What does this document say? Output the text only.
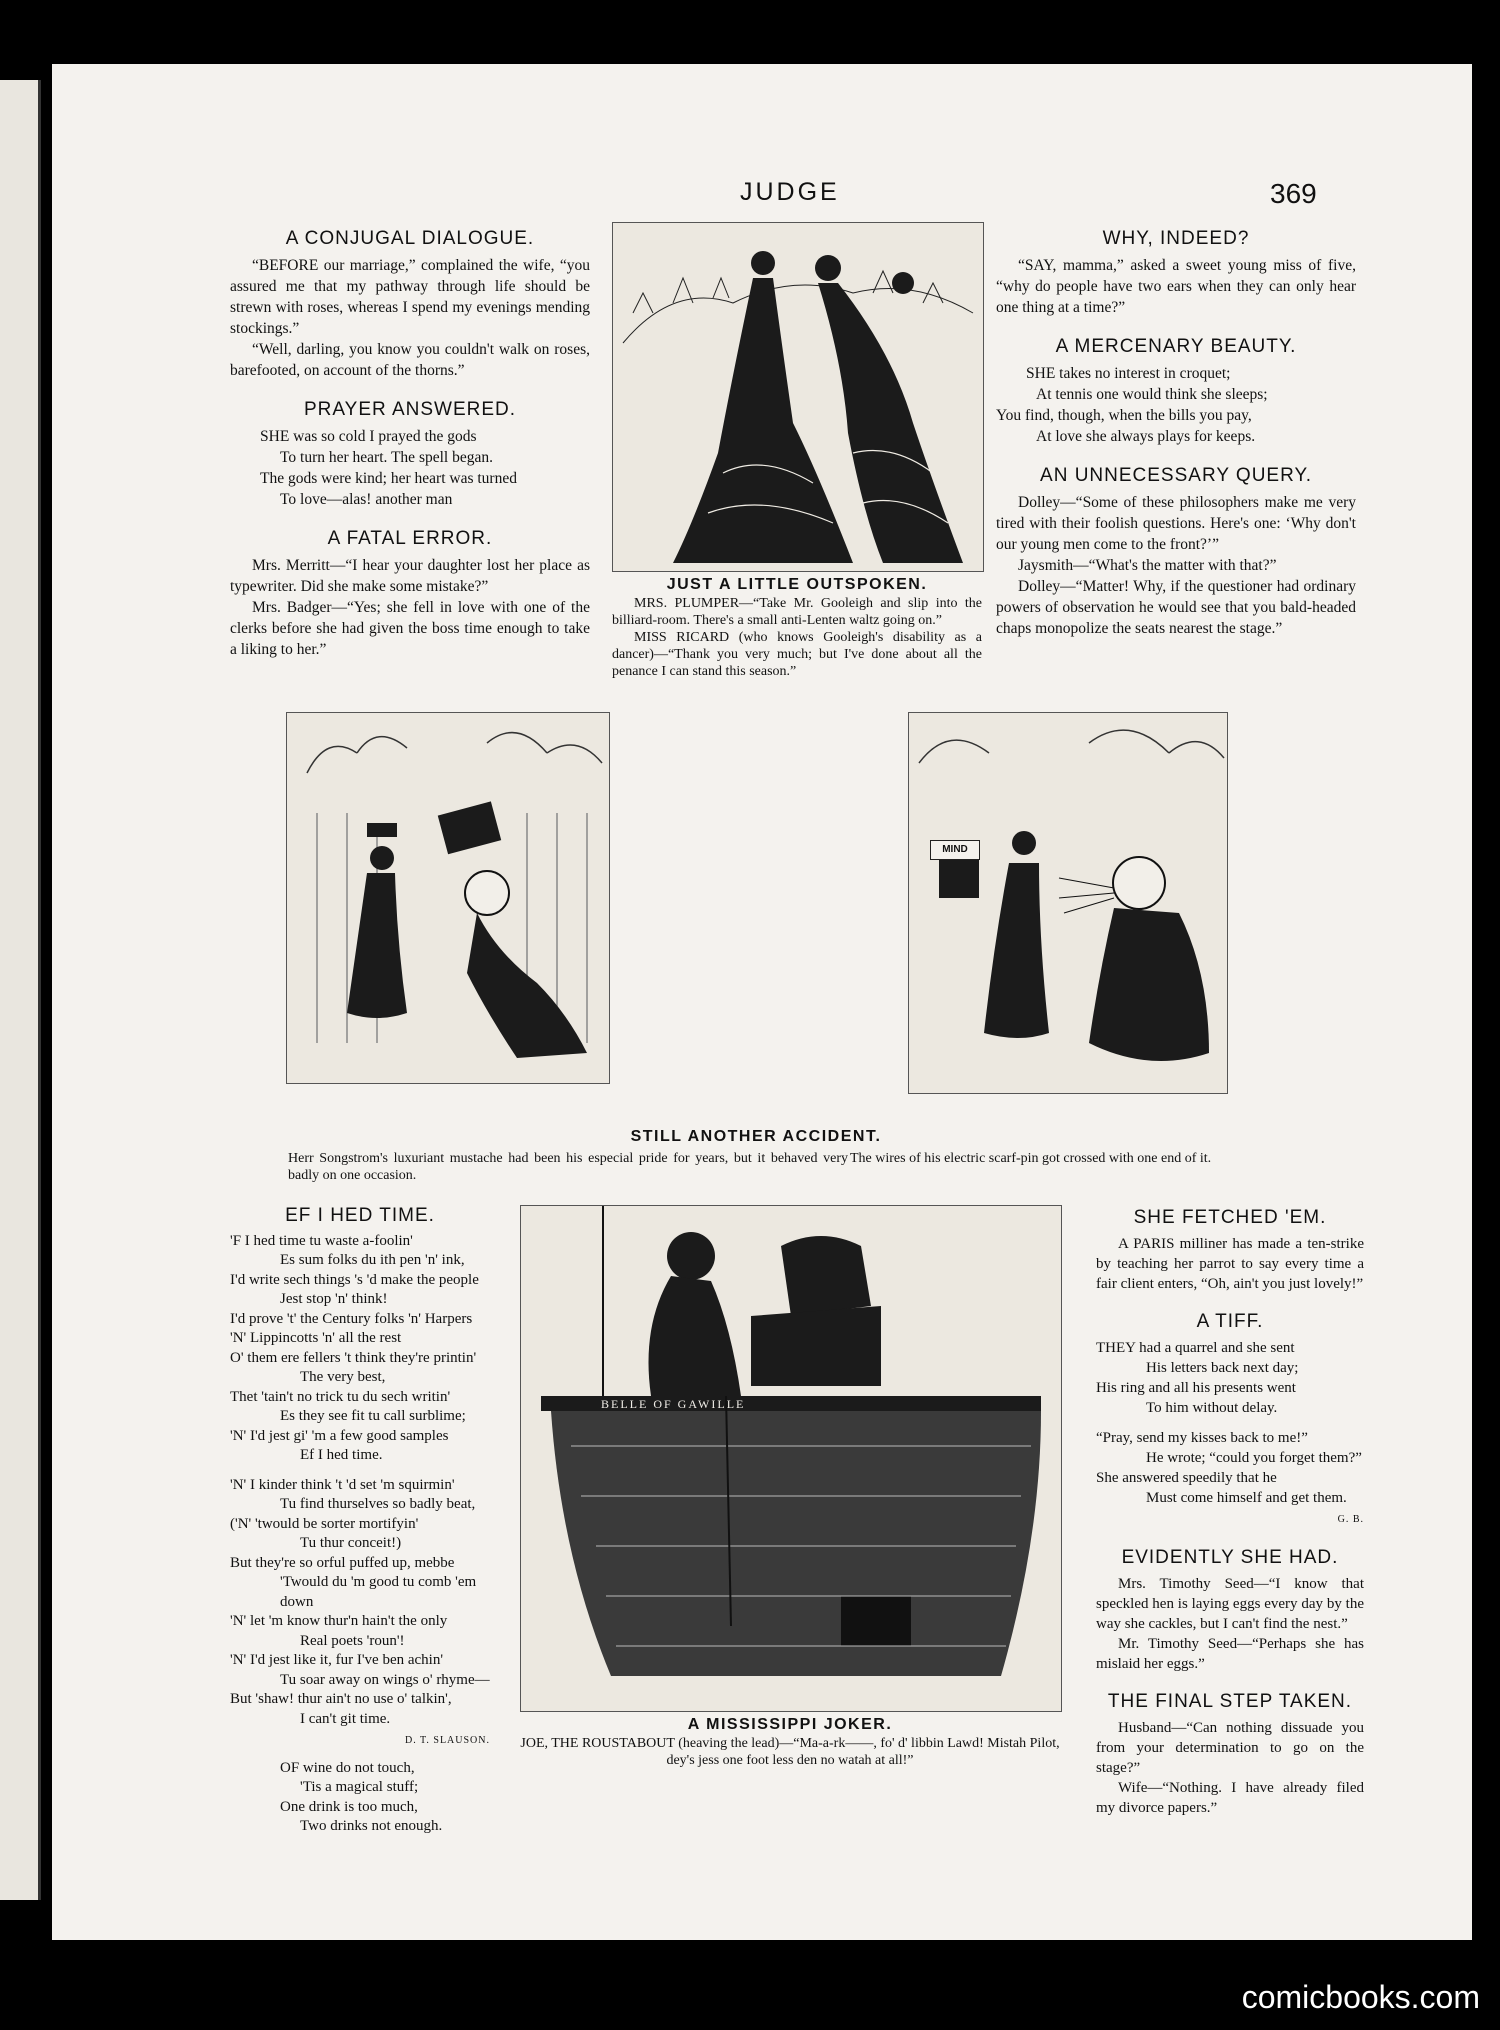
JUDGE	369
A CONJUGAL DIALOGUE.

“BEFORE our marriage,” complained the wife, “you assured me that my pathway through life should be strewn with roses, whereas I spend my evenings mending stockings.”

“Well, darling, you know you couldn't walk on roses, barefooted, on account of the thorns.”

PRAYER ANSWERED.

SHE was so cold I prayed the gods

To turn her heart. The spell began.

The gods were kind; her heart was turned

To love—alas! another man

A FATAL ERROR.

Mrs. Merritt—“I hear your daughter lost her place as typewriter. Did she make some mistake?”

Mrs. Badger—“Yes; she fell in love with one of the clerks before she had given the boss time enough to take a liking to her.”

JUST A LITTLE OUTSPOKEN.

MRS. PLUMPER—“Take Mr. Gooleigh and slip into the billiard-room. There's a small anti-Lenten waltz going on.”

MISS RICARD (who knows Gooleigh's disability as a dancer)—“Thank you very much; but I've done about all the penance I can stand this season.”

WHY, INDEED?

“SAY, mamma,” asked a sweet young miss of five, “why do people have two ears when they can only hear one thing at a time?”

A MERCENARY BEAUTY.

SHE takes no interest in croquet;

At tennis one would think she sleeps;

You find, though, when the bills you pay,

At love she always plays for keeps.

AN UNNECESSARY QUERY.

Dolley—“Some of these philosophers make me very tired with their foolish questions. Here's one: ‘Why don't our young men come to the front?’”

Jaysmith—“What's the matter with that?”

Dolley—“Matter! Why, if the questioner had ordinary powers of observation he would see that you bald-headed chaps monopolize the seats nearest the stage.”

MIND
STILL ANOTHER ACCIDENT.

Herr Songstrom's luxuriant mustache had been his especial pride for years, but it behaved very badly on one occasion.

The wires of his electric scarf-pin got crossed with one end of it.

EF I HED TIME.

'F I hed time tu waste a-foolin'

Es sum folks du ith pen 'n' ink,

I'd write sech things 's 'd make the people

Jest stop 'n' think!

I'd prove 't' the Century folks 'n' Harpers

'N' Lippincotts 'n' all the rest

O' them ere fellers 't think they're printin'

The very best,

Thet 'tain't no trick tu du sech writin'

Es they see fit tu call surblime;

'N' I'd jest gi' 'm a few good samples

Ef I hed time.

'N' I kinder think 't 'd set 'm squirmin'

Tu find thurselves so badly beat,

('N' 'twould be sorter mortifyin'

Tu thur conceit!)

But they're so orful puffed up, mebbe

'Twould du 'm good tu comb 'em down

'N' let 'm know thur'n hain't the only

Real poets 'roun'!

'N' I'd jest like it, fur I've ben achin'

Tu soar away on wings o' rhyme—

But 'shaw! thur ain't no use o' talkin',

I can't git time.

D. T. SLAUSON.

OF wine do not touch,

'Tis a magical stuff;

One drink is too much,

Two drinks not enough.

BELLE OF GAWILLE
A MISSISSIPPI JOKER.

JOE, THE ROUSTABOUT (heaving the lead)—“Ma-a-rk——, fo' d' libbin Lawd! Mistah Pilot, dey's jess one foot less den no watah at all!”

SHE FETCHED 'EM.

A PARIS milliner has made a ten-strike by teaching her parrot to say every time a fair client enters, “Oh, ain't you just lovely!”

A TIFF.

THEY had a quarrel and she sent

His letters back next day;

His ring and all his presents went

To him without delay.

“Pray, send my kisses back to me!”

He wrote; “could you forget them?”

She answered speedily that he

Must come himself and get them.

G. B.
EVIDENTLY SHE HAD.

Mrs. Timothy Seed—“I know that speckled hen is laying eggs every day by the way she cackles, but I can't find the nest.”

Mr. Timothy Seed—“Perhaps she has mislaid her eggs.”

THE FINAL STEP TAKEN.

Husband—“Can nothing dissuade you from your determination to go on the stage?”

Wife—“Nothing. I have already filed my divorce papers.”

comicbooks.com
